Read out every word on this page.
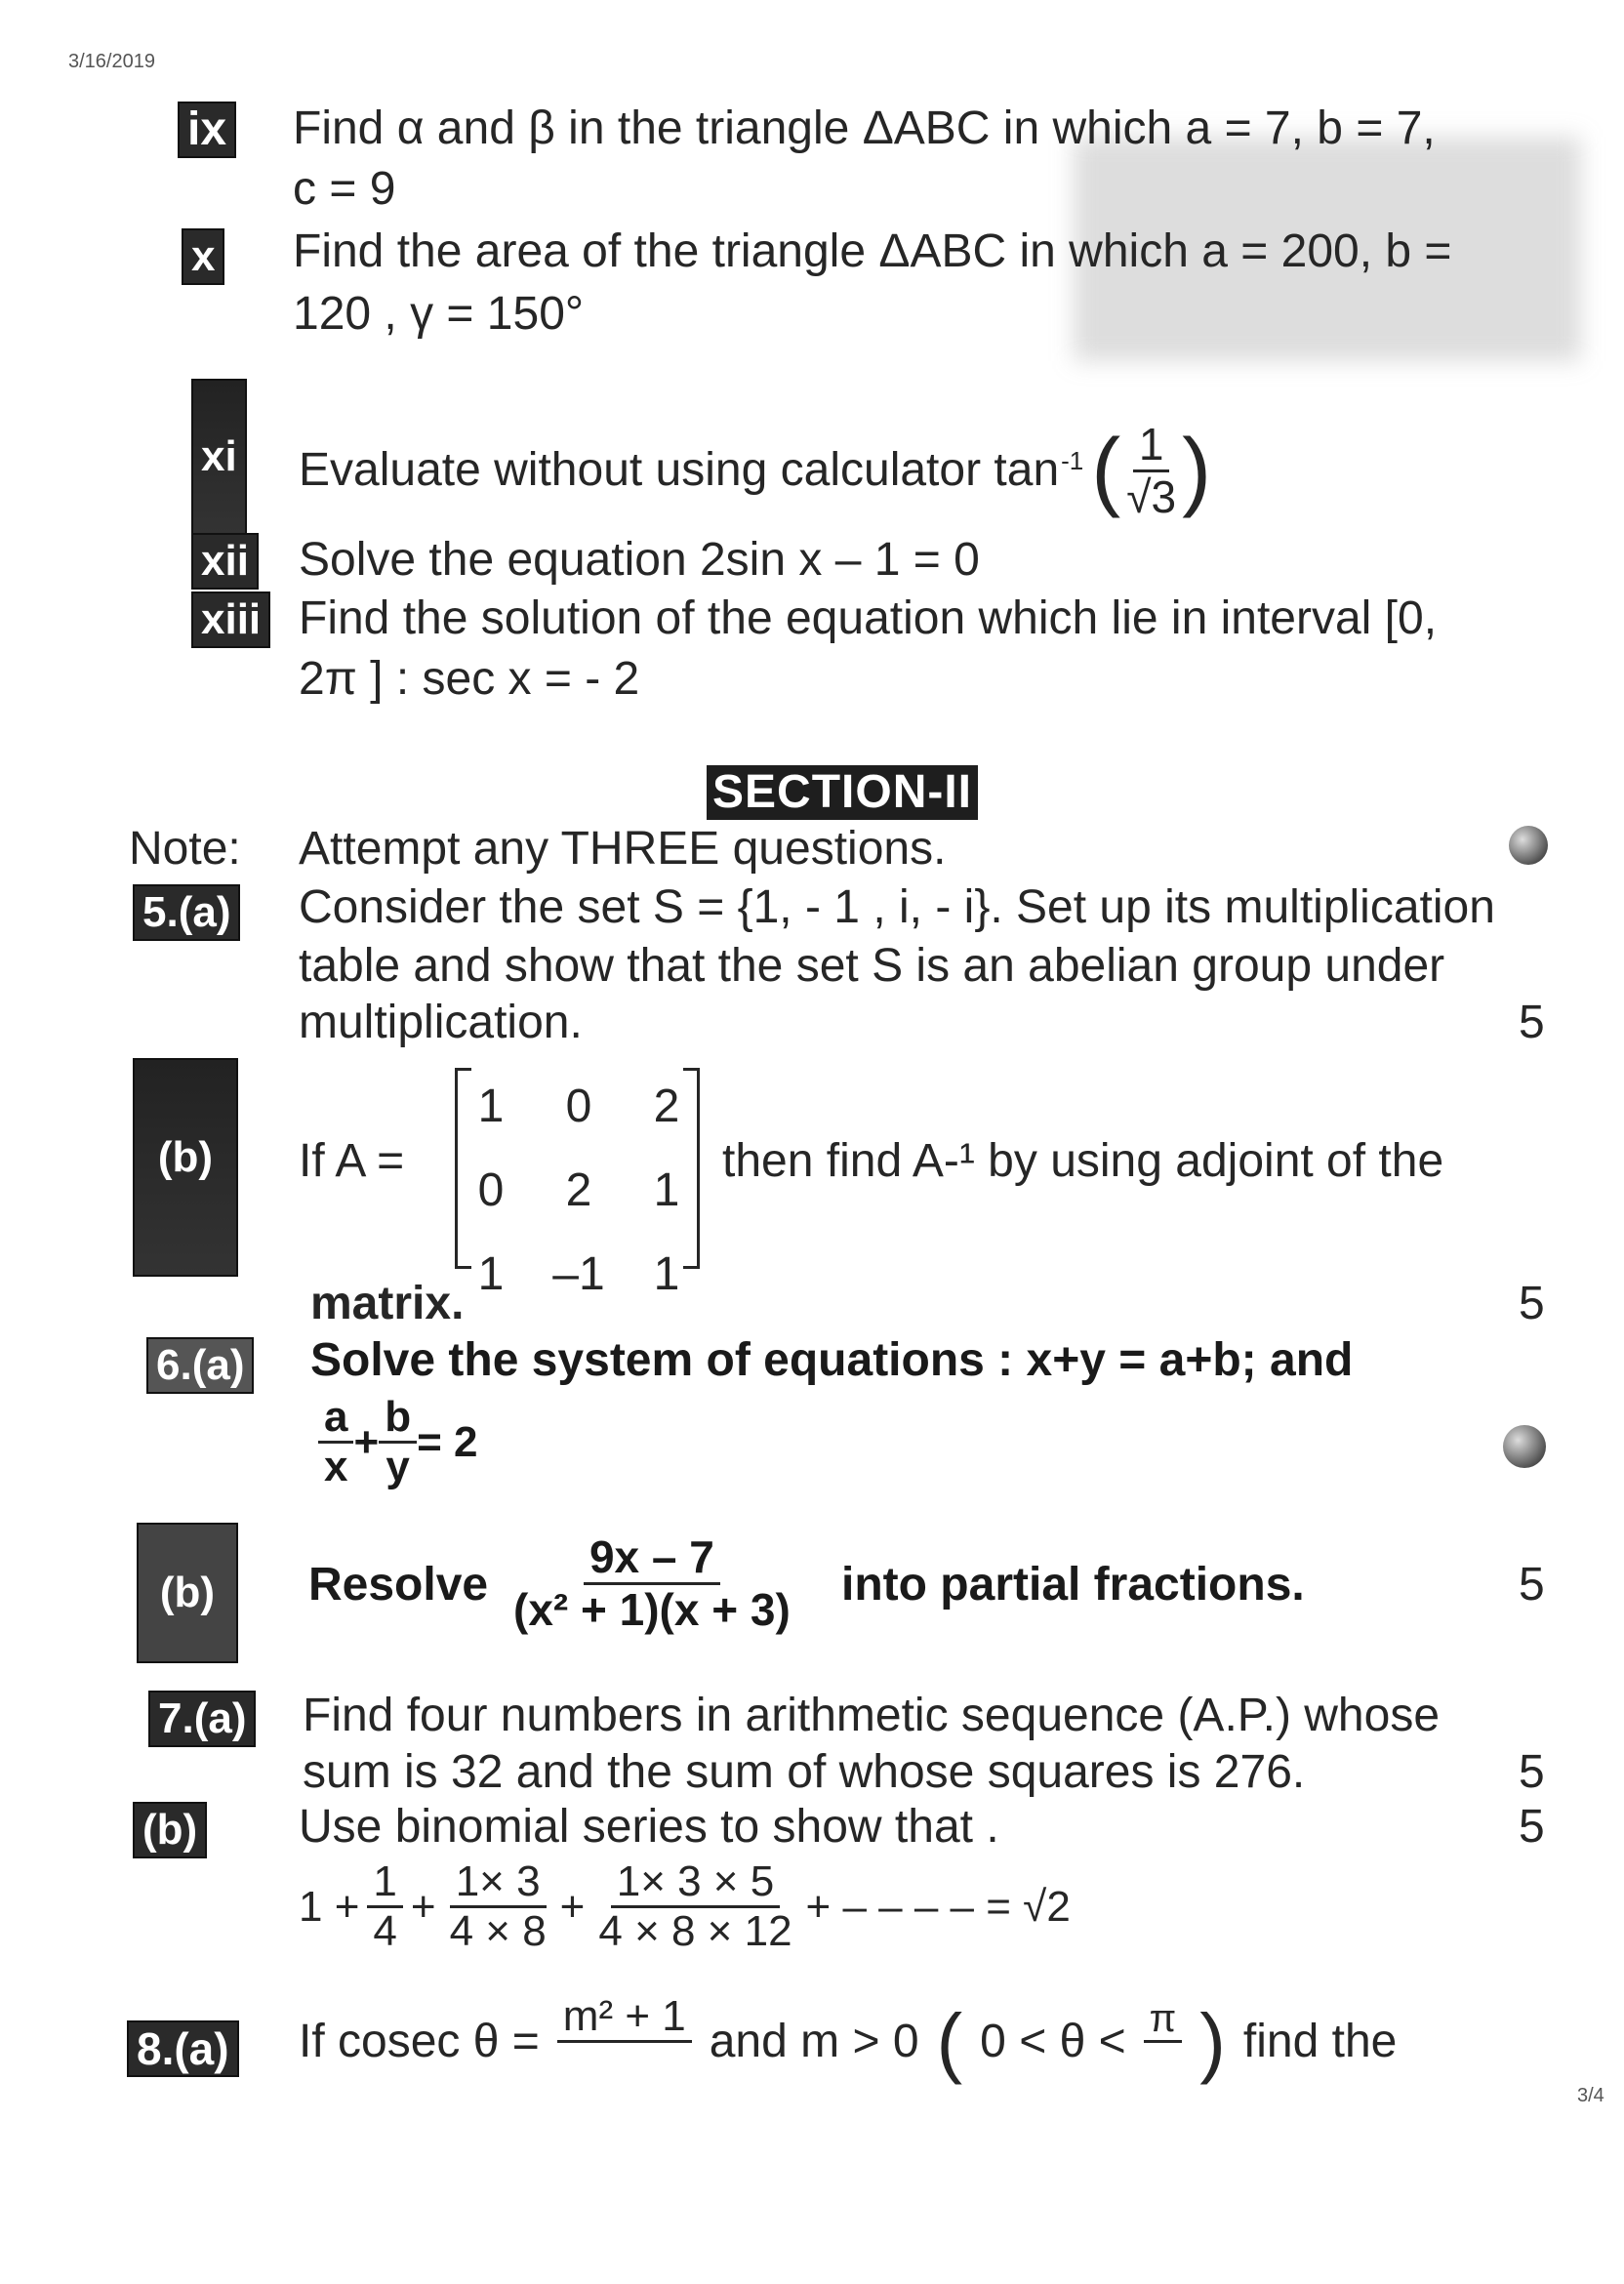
3/16/2019
3/4
ix Find α and β in the triangle ΔABC in which a = 7, b = 7,
c = 9
x Find the area of the triangle ΔABC in which a = 200, b =
120 , γ = 150°
xi Evaluate without using calculator $\tan^{-1}$ ( $\frac{1}{√3}$ )
xii Solve the equation 2sin x – 1 = 0
xiii Find the solution of the equation which lie in interval [0,
2π ] : sec x = - 2
SECTION-II
Note: Attempt any THREE questions.
5.(a) Consider the set S = {1, - 1 , i, - i}. Set up its multiplication
table and show that the set S is an abelian group under
multiplication.	5
(b)	If A =
1 0 2
0 2 1
1 –1 1
then find A-¹ by using adjoint of the
matrix.	5
6.(a) Solve the system of equations : x+y = a+b; and
$\frac{a}{x} + \frac{b}{y} = 2$
(b)	Resolve $\frac{9x - 7}{\text{(x² + 1)(x + 3)}}$ into partial fractions.	5
7.(a) Find four numbers in arithmetic sequence (A.P.) whose
sum is 32 and the sum of whose squares is 276.	5
(b) Use binomial series to show that .	5
$1 + \frac{1}{4} + \frac{1\times 3}{4 \times 8} + \frac{1\times 3 \times 5}{4 \times 8 \times 12}$ + – – – – = √2
8.(a) If cosec θ = m² + 1 and m > 0 ( 0 < θ < π ) find the
